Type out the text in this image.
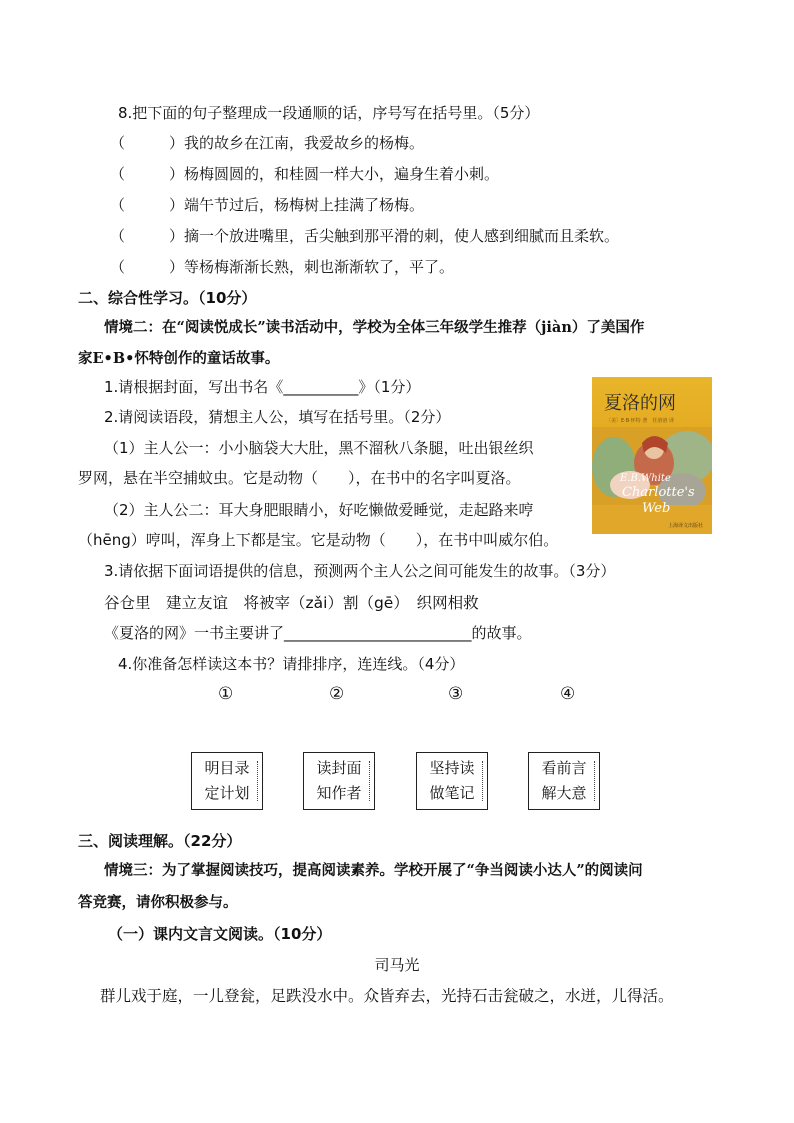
8.把下面的句子整理成一段通顺的话，序号写在括号里。（5分）
（	）我的故乡在江南，我爱故乡的杨梅。
（	）杨梅圆圆的，和桂圆一样大小，遍身生着小刺。
（	）端午节过后，杨梅树上挂满了杨梅。
（	）摘一个放进嘴里，舌尖触到那平滑的刺，使人感到细腻而且柔软。
（	）等杨梅渐渐长熟，刺也渐渐软了，平了。
二、综合性学习。（10分）
情境二：在“阅读悦成长”读书活动中，学校为全体三年级学生推荐（jiàn）了美国作
家E•B•怀特创作的童话故事。
1.请根据封面，写出书名《__________》（1分）
2.请阅读语段，猜想主人公，填写在括号里。（2分）
（1）主人公一：小小脑袋大大肚，黑不溜秋八条腿，吐出银丝织
罗网，悬在半空捕蚊虫。它是动物（　　），在书中的名字叫夏洛。
（2）主人公二：耳大身肥眼睛小，好吃懒做爱睡觉，走起路来哼
（hēng）哼叫，浑身上下都是宝。它是动物（　　），在书中叫威尔伯。
夏洛的网
〔美〕E·B·怀特 著　任溶溶 译
E.B.White
Charlotte's
Web
上海译文出版社
3.请依据下面词语提供的信息，预测两个主人公之间可能发生的故事。（3分）
谷仓里　建立友谊　将被宰（zǎi）割（gē）　织网相救
《夏洛的网》一书主要讲了_________________________的故事。
4.你准备怎样读这本书？请排排序，连连线。（4分）
①	②	③	④
明目录
定计划
读封面
知作者
坚持读
做笔记
看前言
解大意
三、阅读理解。（22分）
情境三：为了掌握阅读技巧，提高阅读素养。学校开展了“争当阅读小达人”的阅读问
答竞赛，请你积极参与。
（一）课内文言文阅读。（10分）
司马光
群儿戏于庭，一儿登瓮，足跌没水中。众皆弃去，光持石击瓮破之，水迸，儿得活。
